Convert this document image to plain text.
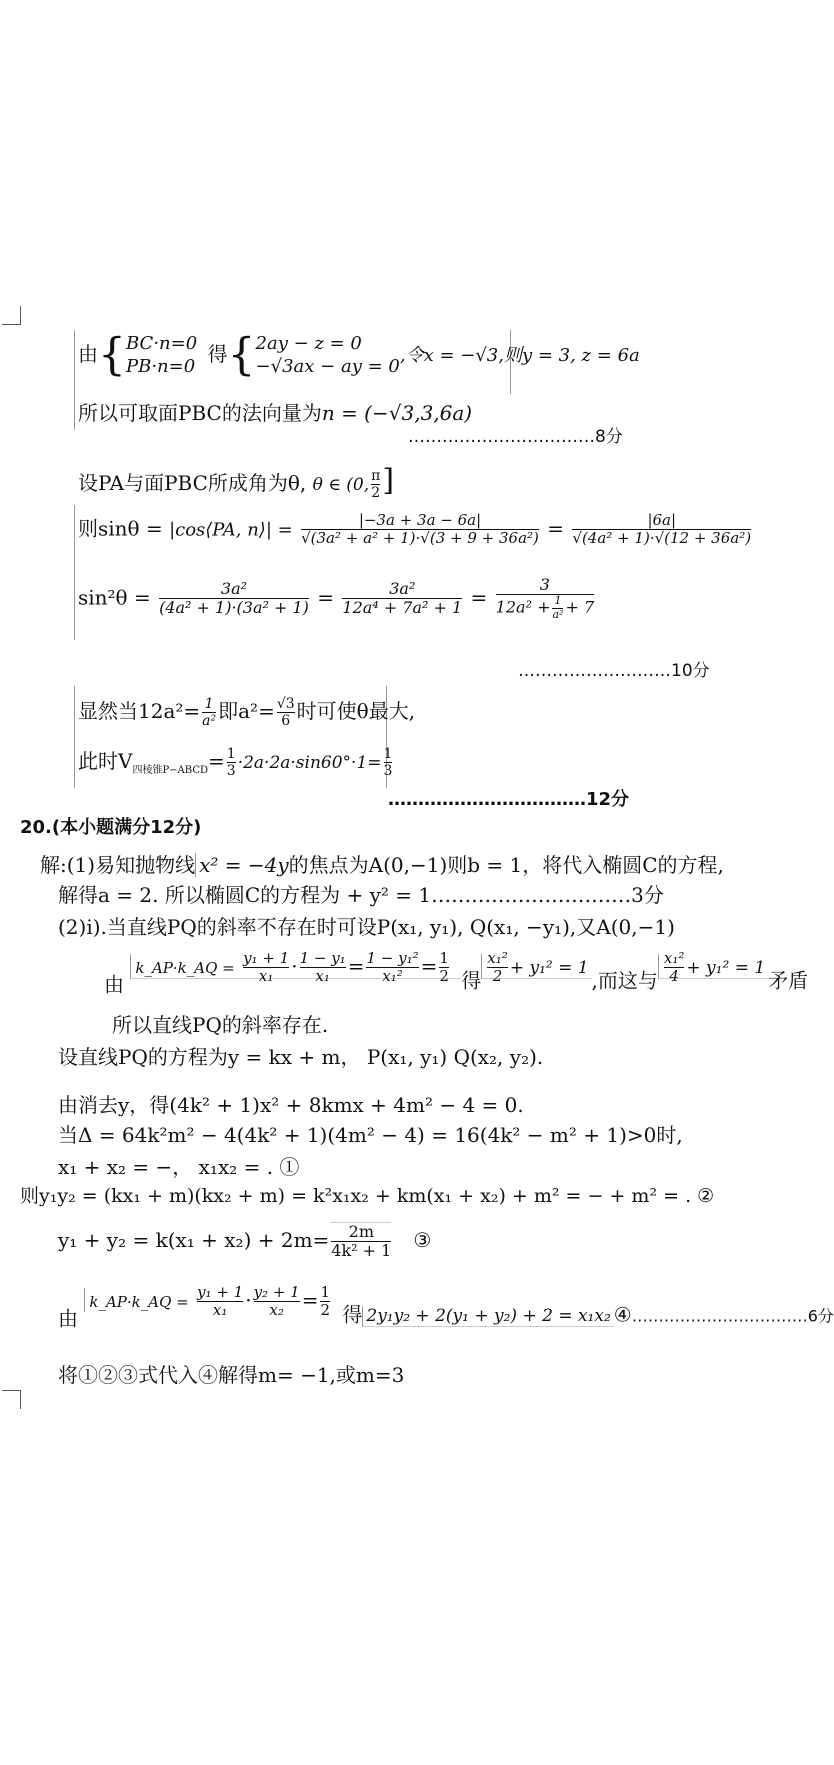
由{ BC·n=0
PB·n=0
得{ 2ay − z = 0
−√3ax − ay = 0
,令x = −√3,则y = 3, z = 6a
所以可取面PBC的法向量为n = (−√3,3,6a)
……………………………8分
设PA与面PBC所成角为θ, θ ∈ (0, $\frac{\pi}{2}$ ]
则sinθ = |cos⟨PA, n⟩| = $\frac{|-3a + 3a - 6a|}{\text{√(3a² + a² + 1)·√(3 + 9 + 36a²)}} = \frac{|6a|}{\text{√(4a² + 1)·√(12 + 36a²)}}$
$\sin^2\theta = \frac{\text{3a²}}{\text{(4a² + 1)·(3a² + 1)}} = \frac{\text{3a²}}{\text{12a⁴ + 7a² + 1}} = \frac{3}{12a^2 + \frac{1}{\text{a²}} + 7}$
………………………10分
显然当$12a^2= \frac{1}{\text{a²}}$ 即$a^2= \frac{√3}{6}$ 时可使θ最大,
此时$V_{四棱锥P-ABCD}= \frac{1}{3} \cdot 2a\cdot 2a\cdot\sin 60^\circ\cdot 1= \frac{1}{3}$
……………………………12分
20.(本小题满分12分)
解:(1)易知抛物线 x² = −4y的焦点为A(0,−1)则b = 1，将代入椭圆C的方程,
解得a = 2. 所以椭圆C的方程为 + y² = 1…………………………3分
(2)i).当直线PQ的斜率不存在时可设P(x₁, y₁), Q(x₁, −y₁),又A(0,−1)
由 k_AP·k_AQ = $\frac{\text{y₁ + 1}}{\text{x₁}} \cdot \frac{\text{1 − y₁}}{\text{x₁}} = \frac{\text{1 − y₁²}}{\text{x₁²}} = \frac{1}{2}$ 得 $\frac{\text{x₁²}}{2} + y_1^2 = 1$ ,而这与 $\frac{\text{x₁²}}{4} + y_1^2 = 1$ 矛盾
所以直线PQ的斜率存在.
设直线PQ的方程为y = kx + m， P(x₁, y₁) Q(x₂, y₂).
由消去y，得(4k² + 1)x² + 8kmx + 4m² − 4 = 0.
当Δ = 64k²m² − 4(4k² + 1)(4m² − 4) = 16(4k² − m² + 1)>0时,
x₁ + x₂ = −， x₁x₂ = . ①
则y₁y₂ = (kx₁ + m)(kx₂ + m) = k²x₁x₂ + km(x₁ + x₂) + m² = − + m² = . ②
$y_1 + y_2 = k(x_1 + x_2) + 2m= \frac{2m}{\text{4k² + 1}}$ ③
由 k_AP·k_AQ = $\frac{\text{y₁ + 1}}{\text{x₁}} \cdot \frac{\text{y₂ + 1}}{\text{x₂}} = \frac{1}{2}$ 得 $_{2y_1y_2 + 2(y_1 + y_2) + 2 = x_1x_2}$ $④_{\dots\dots\dots\dots\dots\dots\dots\dots\dots\dots\dots 6分}$
将①②③式代入④解得m= −1,或m=3
